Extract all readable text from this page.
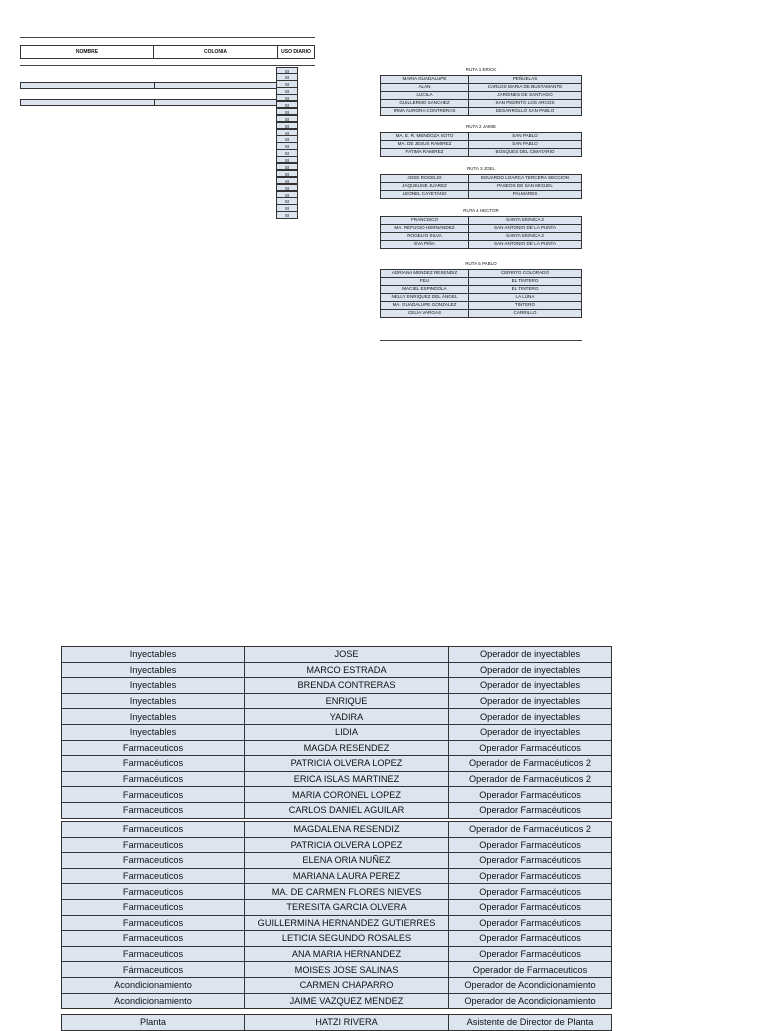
NOMBRE	COLONIA	USO DIARIO
SI
SI
SI
SI
SI
SI
SI
SI
SI
SI
SI
SI
SI
SI
SI
SI
SI
SI
SI
SI
SI
SI
RUTA 1 ERICK
MARIA GUADALUPE	PEÑUELAS
ALAN	CARLOS MARIA DE BUSTAMANTE
LUCILA	JARDINES DE SANTIAGO
GUILLERMO SANCHEZ	SAN PEDRITO LOS ARCOS
IRMA AURORA CONTRERAS	DESARROLLO SAN PABLO
RUTA 2 JAIME
MA. E. R. MENDOZA SOTO	SAN PABLO
MA. DE JESUS RAMIREZ	SAN PABLO
FATIMA RAMIREZ	BOSQUES DEL CIMATARIO
RUTA 3 JOEL
JOSE ROGELIO	EDUARDO LOARCA TERCERA SECCION
JAQUELINE JUAREZ	PASEOS DE SAN MIGUEL
LEONEL CAYETANO	PALMARES
RUTA 4 HECTOR
FRANCISCO	SANTA MONICA 2
MA. REFUGIO HERNANDEZ	SAN ANTONIO DE LA PUNTA
ROGELIO SILVA	SANTA MONICA 2
EVA PIÑA	SAN ANTONIO DE LA PUNTA
RUTA 5 PABLO
ADRIANA MENDEZ RESENDIZ	CERRITO COLORADO
FELI	EL TINTERO
MACIEL ESPINDOLA	EL TINTERO
NELLY ENRIQUEZ DEL ÁNGEL	LA LUNA
MA. GUADALUPE GONZALEZ	TINTERO
CELIA VARGAS	CARRILLO
Inyectables	JOSE	Operador de inyectables
Inyectables	MARCO ESTRADA	Operador de inyectables
Inyectables	BRENDA CONTRERAS	Operador de inyectables
Inyectables	ENRIQUE	Operador de inyectables
Inyectables	YADIRA	Operador de inyectables
Inyectables	LIDIA	Operador de inyectables
Farmaceuticos	MAGDA RESENDEZ	Operador Farmacéuticos
Farmacéuticos	PATRICIA OLVERA LOPEZ	Operador de Farmacéuticos 2
Farmacéuticos	ERICA ISLAS MARTINEZ	Operador de Farmacéuticos 2
Farmaceuticos	MARIA CORONEL LOPEZ	Operador Farmacéuticos
Farmaceuticos	CARLOS DANIEL AGUILAR	Operador Farmacéuticos
Farmaceuticos	MAGDALENA RESENDIZ	Operador de Farmacéuticos 2
Farmaceuticos	PATRICIA OLVERA LOPEZ	Operador Farmacéuticos
Farmaceuticos	ELENA ORIA NUÑEZ	Operador Farmacéuticos
Farmaceuticos	MARIANA LAURA PEREZ	Operador Farmacéuticos
Farmaceuticos	MA. DE CARMEN FLORES NIEVES	Operador Farmacéuticos
Farmaceuticos	TERESITA GARCIA OLVERA	Operador Farmacéuticos
Farmaceuticos	GUILLERMINA HERNANDEZ GUTIERRES	Operador Farmacéuticos
Farmaceuticos	LETICIA SEGUNDO ROSALES	Operador Farmacéuticos
Farmaceuticos	ANA MARIA HERNANDEZ	Operador Farmacéuticos
Fármaceuticos	MOISES JOSE SALINAS	Operador de Farmaceuticos
Acondicionamiento	CARMEN CHAPARRO	Operador de Acondicionamiento
Acondicionamiento	JAIME VAZQUEZ MENDEZ	Operador de Acondicionamiento
Planta	HATZI RIVERA	Asistente de Director de Planta
